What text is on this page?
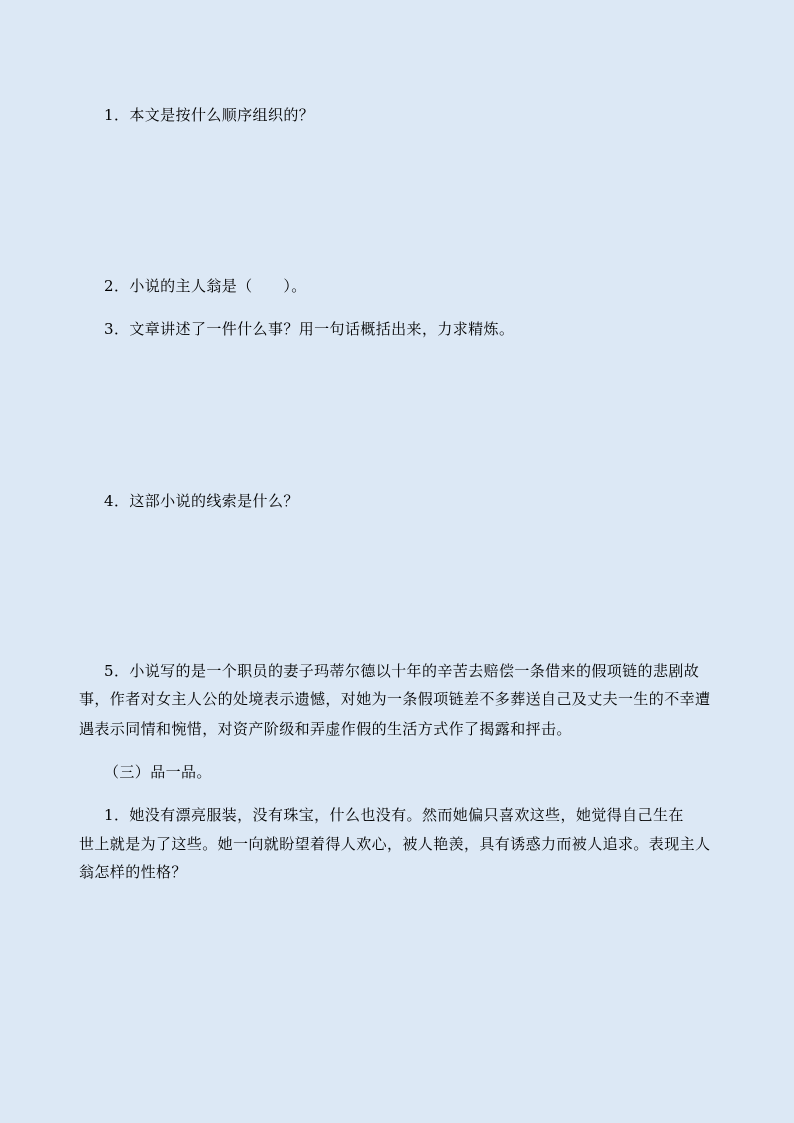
1．本文是按什么顺序组织的？
2．小说的主人翁是（　　）。
3．文章讲述了一件什么事？用一句话概括出来，力求精炼。
4．这部小说的线索是什么？
5．小说写的是一个职员的妻子玛蒂尔德以十年的辛苦去赔偿一条借来的假项链的悲剧故
事，作者对女主人公的处境表示遗憾，对她为一条假项链差不多葬送自己及丈夫一生的不幸遭
遇表示同情和惋惜，对资产阶级和弄虚作假的生活方式作了揭露和抨击。
（三）品一品。
1．她没有漂亮服装，没有珠宝，什么也没有。然而她偏只喜欢这些，她觉得自己生在
世上就是为了这些。她一向就盼望着得人欢心，被人艳羡，具有诱惑力而被人追求。表现主人
翁怎样的性格？
